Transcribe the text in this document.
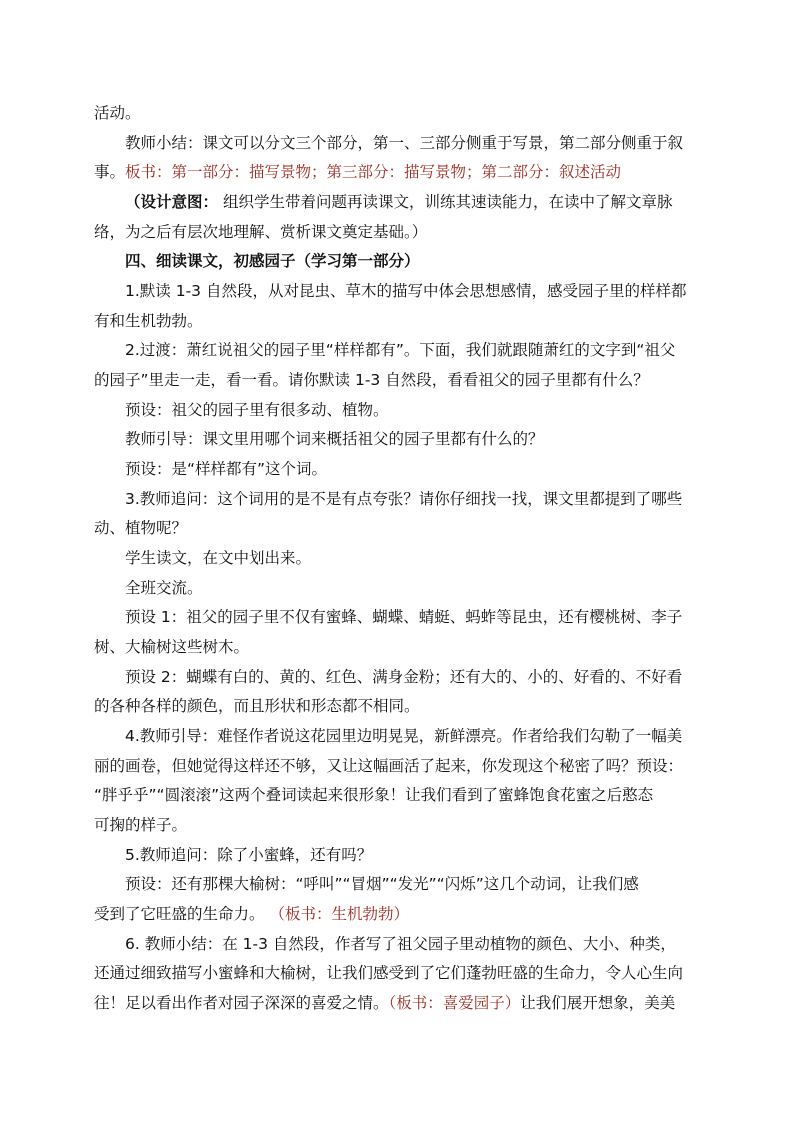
活动。
教师小结：课文可以分文三个部分，第一、三部分侧重于写景，第二部分侧重于叙
事。板书：第一部分：描写景物；第三部分：描写景物；第二部分：叙述活动
（设计意图： 组织学生带着问题再读课文，训练其速读能力，在读中了解文章脉
络，为之后有层次地理解、赏析课文奠定基础。）
四、细读课文，初感园子（学习第一部分）
1.默读 1-3 自然段，从对昆虫、草木的描写中体会思想感情，感受园子里的样样都
有和生机勃勃。
2.过渡：萧红说祖父的园子里“样样都有”。下面，我们就跟随萧红的文字到“祖父
的园子”里走一走，看一看。请你默读 1-3 自然段，看看祖父的园子里都有什么？
预设：祖父的园子里有很多动、植物。
教师引导：课文里用哪个词来概括祖父的园子里都有什么的？
预设：是“样样都有”这个词。
3.教师追问：这个词用的是不是有点夸张？请你仔细找一找，课文里都提到了哪些
动、植物呢？
学生读文，在文中划出来。
全班交流。
预设 1：祖父的园子里不仅有蜜蜂、蝴蝶、蜻蜓、蚂蚱等昆虫，还有樱桃树、李子
树、大榆树这些树木。
预设 2：蝴蝶有白的、黄的、红色、满身金粉；还有大的、小的、好看的、不好看
的各种各样的颜色，而且形状和形态都不相同。
4.教师引导：难怪作者说这花园里边明晃晃，新鲜漂亮。作者给我们勾勒了一幅美
丽的画卷，但她觉得这样还不够，又让这幅画活了起来，你发现这个秘密了吗？预设：
“胖乎乎”“圆滚滚”这两个叠词读起来很形象！让我们看到了蜜蜂饱食花蜜之后憨态
可掬的样子。
5.教师追问：除了小蜜蜂，还有吗？
预设：还有那棵大榆树：“呼叫”“冒烟”“发光”“闪烁”这几个动词，让我们感
受到了它旺盛的生命力。 （板书：生机勃勃）
6. 教师小结：在 1-3 自然段，作者写了祖父园子里动植物的颜色、大小、种类，
还通过细致描写小蜜蜂和大榆树，让我们感受到了它们蓬勃旺盛的生命力，令人心生向
往！足以看出作者对园子深深的喜爱之情。（板书：喜爱园子）让我们展开想象，美美
